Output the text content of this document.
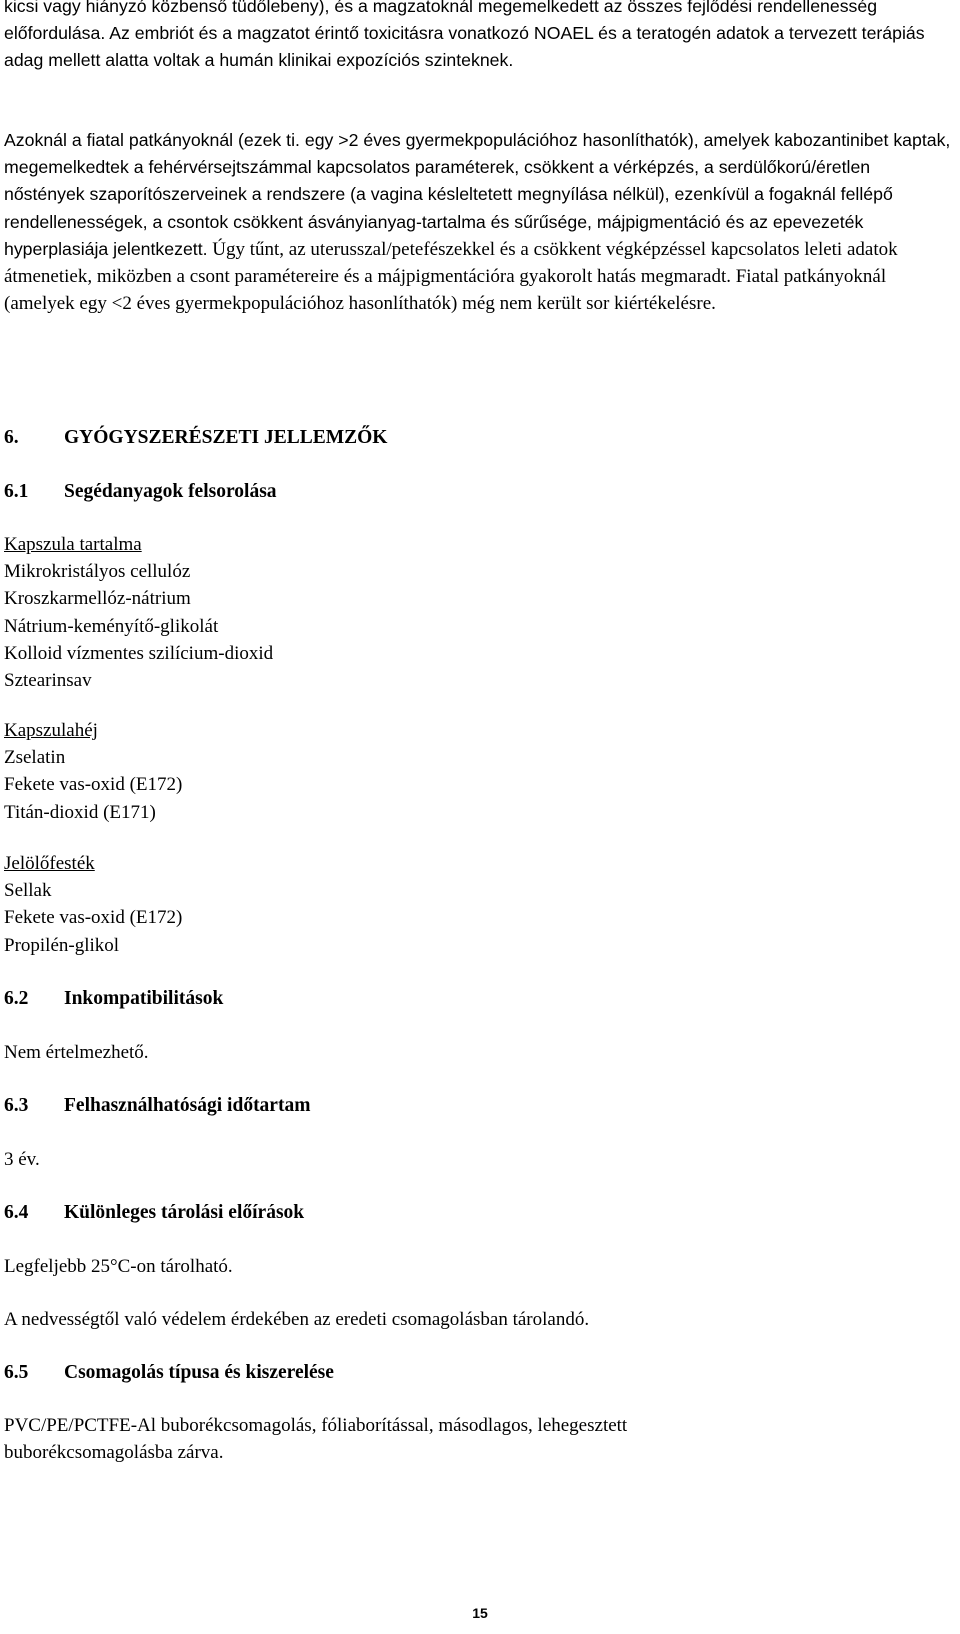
kicsi vagy hiányzó közbenső tüdőlebeny), és a magzatoknál megemelkedett az összes fejlődési rendellenesség előfordulása. Az embriót és a magzatot érintő toxicitásra vonatkozó NOAEL és a teratogén adatok a tervezett terápiás adag mellett alatta voltak a humán klinikai expozíciós szinteknek.

Azoknál a fiatal patkányoknál (ezek ti. egy >2 éves gyermekpopulációhoz hasonlíthatók), amelyek kabozantinibet kaptak, megemelkedtek a fehérvérsejtszámmal kapcsolatos paraméterek, csökkent a vérképzés, a serdülőkorú/éretlen nőstények szaporítószerveinek a rendszere (a vagina késleltetett megnyílása nélkül), ezenkívül a fogaknál fellépő rendellenességek, a csontok csökkent ásványianyag-tartalma és sűrűsége, májpigmentáció és az epevezeték hyperplasiája jelentkezett. Úgy tűnt, az uterusszal/petefészekkel és a csökkent végképzéssel kapcsolatos leleti adatok átmenetiek, miközben a csont paramétereire és a májpigmentációra gyakorolt hatás megmaradt. Fiatal patkányoknál (amelyek egy <2 éves gyermekpopulációhoz hasonlíthatók) még nem került sor kiértékelésre.

6. GYÓGYSZERÉSZETI JELLEMZŐK
6.1 Segédanyagok felsorolása
Kapszula tartalma
Mikrokristályos cellulóz
Kroszkarmellóz-nátrium
Nátrium-keményítő-glikolát
Kolloid vízmentes szilícium-dioxid
Sztearinsav
Kapszulahéj
Zselatin
Fekete vas-oxid (E172)
Titán-dioxid (E171)
Jelölőfesték
Sellak
Fekete vas-oxid (E172)
Propilén-glikol
6.2 Inkompatibilitások
Nem értelmezhető.
6.3 Felhasználhatósági időtartam
3 év.
6.4 Különleges tárolási előírások
Legfeljebb 25°C-on tárolható.
A nedvességtől való védelem érdekében az eredeti csomagolásban tárolandó.
6.5 Csomagolás típusa és kiszerelése

PVC/PE/PCTFE-Al buborékcsomagolás, fóliaborítással, másodlagos, lehegesztett buborékcsomagolásba zárva.

15
